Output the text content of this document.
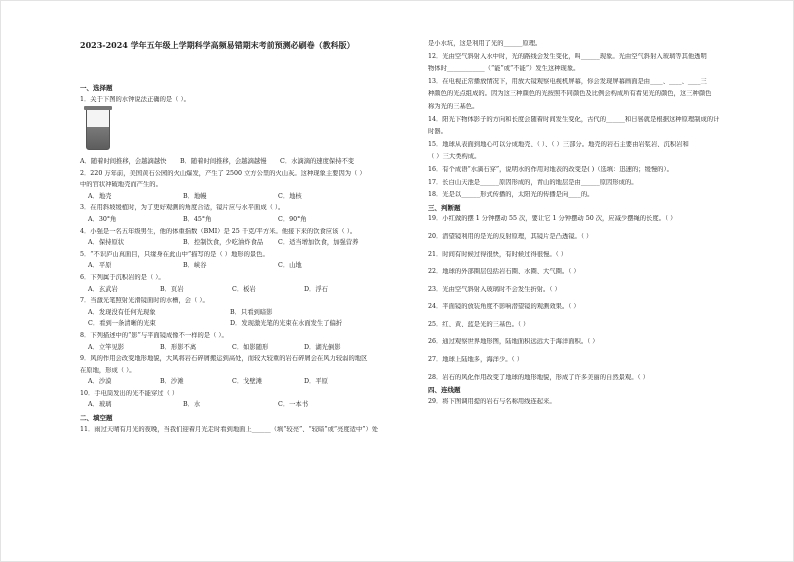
2023-2024 学年五年级上学期科学高频易错期末考前预测必刷卷（教科版）
一、选择题
1．关于下图的水钟说法正确的是（ ）。
A．随着时间推移，会越滴越快	B．随着时间推移，会越滴越慢	C．水滴滴的速度保持不变
2．220 万年前，美国黄石公园的火山爆发，产生了 2500 立方公里的火山灰。这种现象主要因为（ ）
中的官状冲破地壳而产生的。
A．地壳	B．地幔	C．地核
3．在用斜坡缓植时，为了更好观测的角度合适，镜片应与水平面成（ ）。
A．30°角	B．45°角	C．90°角
4．小强是一名五年级男生，他的体重指数（BMI）是 25 千克/平方米。他接下来的饮食应该（ ）。
A．保持原状	B．控制饮食，少吃油炸食品	C．适当增加饮食，加强营养
5．“不识庐山真面目，只缘身在此山中”描写的是（ ）地形的景色。
A．平原	B．峡谷	C．山地
6．下列属于沉积岩的是（ ）。
A．玄武岩	B．页岩	C．板岩	D．浮石
7．当激光笔照射光滑镜面时的水槽，会（ ）。
A．发现没有任何光现象	B．只看到暗影
C．看到一条清晰的光束	D．发现激光笔的光束在水面发生了偏折
8．下列描述中的“影”与平面镜成像不一样的是（ ）。
A．立竿见影	B．形影不离	C．如影随形	D．湖光倒影
9．风的作用会改变地形地貌，大风将岩石碎屑搬运到高处，而较大较重的岩石碎屑会在风力较弱的地区
在原地，形成（ ）。
A．沙漠	B．沙滩	C．戈壁滩	D．平原
10．手电筒发出的光不能穿过（ ）
A．玻璃	B．水	C．一本书
二、填空题
11．雨过天晴有月光的夜晚，当我们迎着月光走时看到地面上______（填“较亮”、“较暗”或“亮度适中”）处
是小水坑，这是利用了光的______原理。
12．光由空气斜射入水中时，光的路线会发生变化，叫______现象。光由空气斜射入玻璃等其他透明
物体时____________（“能”或“不能”）发生这种现象。
13．在电视正常播放情况下，用放大镜观察电视机屏幕，你会发现屏幕画面是由____、____、____三
种颜色的光点组成的。因为这三种颜色的光按照不同颜色及比例会构成所有看见光的颜色，这三种颜色
称为光的三基色。
14．阳光下物体影子的方向和长度会随着时间发生变化，古代的______和日晷就是根据这种原理制成的计
时器。
15．地球从表面到地心可以分成地壳、（ ）、（ ）三部分。地壳的岩石主要由岩浆岩、沉积岩和
（ ）三大类构成。
16．有个成语“水滴石穿”，说明水的作用对地表的改变是( )（选填：迅速的；缓慢的）。
17．长白山天池是______原因形成的，青山的地层是由______原因形成的。
18．光是以______形式传播的，太阳光的传播是向____的。
三、判断题
19．小红做的摆 1 分钟摆动 55 次，要让它 1 分钟摆动 50 次，应减少摆绳的长度。（ ）
20．潜望镜利用的是光的反射原理，其镜片是凸透镜。（ ）
21．时间有时候过得很快，有时候过得很慢。（ ）
22．地球的外部圈层包括岩石圈、水圈、大气圈。（ ）
23．光由空气斜射入玻璃时不会发生折射。（ ）
24．平面镜的放装角度不影响潜望镜的观测效果。（ ）
25．红、黄、蓝是光的三基色。（ ）
26．通过观察世界地形图，陆地面积远远大于海洋面积。（ ）
27．地球上陆地多，海洋少。（ ）
28．岩石的风化作用改变了地球的地形地貌，形成了许多美丽的自然景观。（ ）
四、连线题
29．将下图调用提的岩石与名称用线连起来。
